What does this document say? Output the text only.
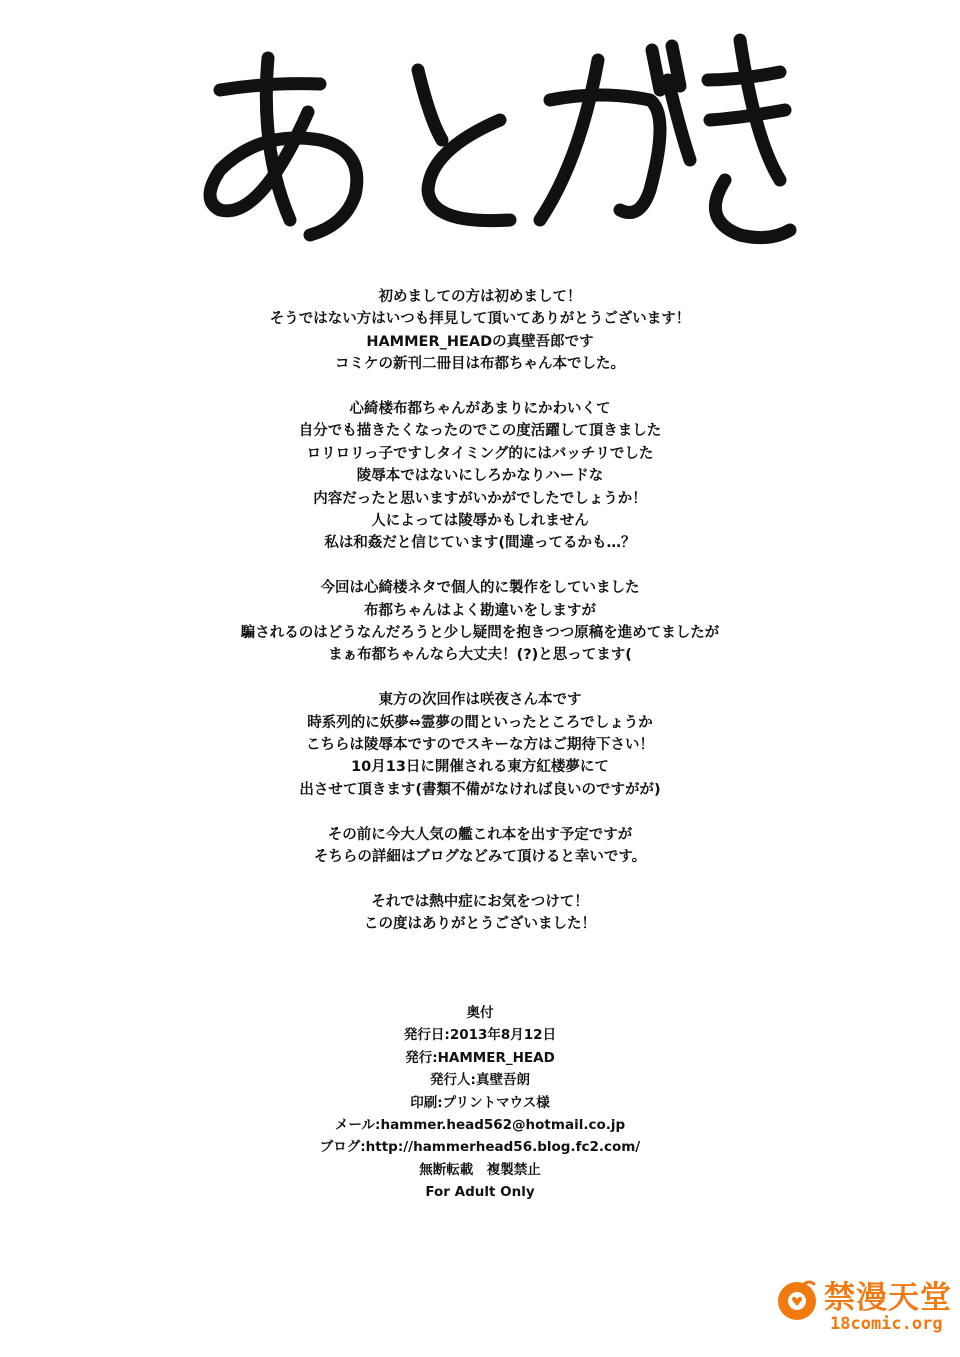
初めましての方は初めまして！
そうではない方はいつも拝見して頂いてありがとうございます！
HAMMER_HEADの真壁吾郎です
コミケの新刊二冊目は布都ちゃん本でした。
心綺楼布都ちゃんがあまりにかわいくて
自分でも描きたくなったのでこの度活躍して頂きました
ロリロリっ子ですしタイミング的にはバッチリでした
陵辱本ではないにしろかなりハードな
内容だったと思いますがいかがでしたでしょうか！
人によっては陵辱かもしれません
私は和姦だと信じています(間違ってるかも…？
今回は心綺楼ネタで個人的に製作をしていました
布都ちゃんはよく勘違いをしますが
騙されるのはどうなんだろうと少し疑問を抱きつつ原稿を進めてましたが
まぁ布都ちゃんなら大丈夫！(?)と思ってます(
東方の次回作は咲夜さん本です
時系列的に妖夢⇔霊夢の間といったところでしょうか
こちらは陵辱本ですのでスキーな方はご期待下さい！
10月13日に開催される東方紅楼夢にて
出させて頂きます(書類不備がなければ良いのですがが)
その前に今大人気の艦これ本を出す予定ですが
そちらの詳細はブログなどみて頂けると幸いです。
それでは熱中症にお気をつけて！
この度はありがとうございました！
奥付
発行日:2013年8月12日
発行:HAMMER_HEAD
発行人:真壁吾朗
印刷:プリントマウス様
メール:hammer.head562@hotmail.co.jp
ブログ:http://hammerhead56.blog.fc2.com/
無断転載　複製禁止
For Adult Only
禁漫天堂
18comic.org
